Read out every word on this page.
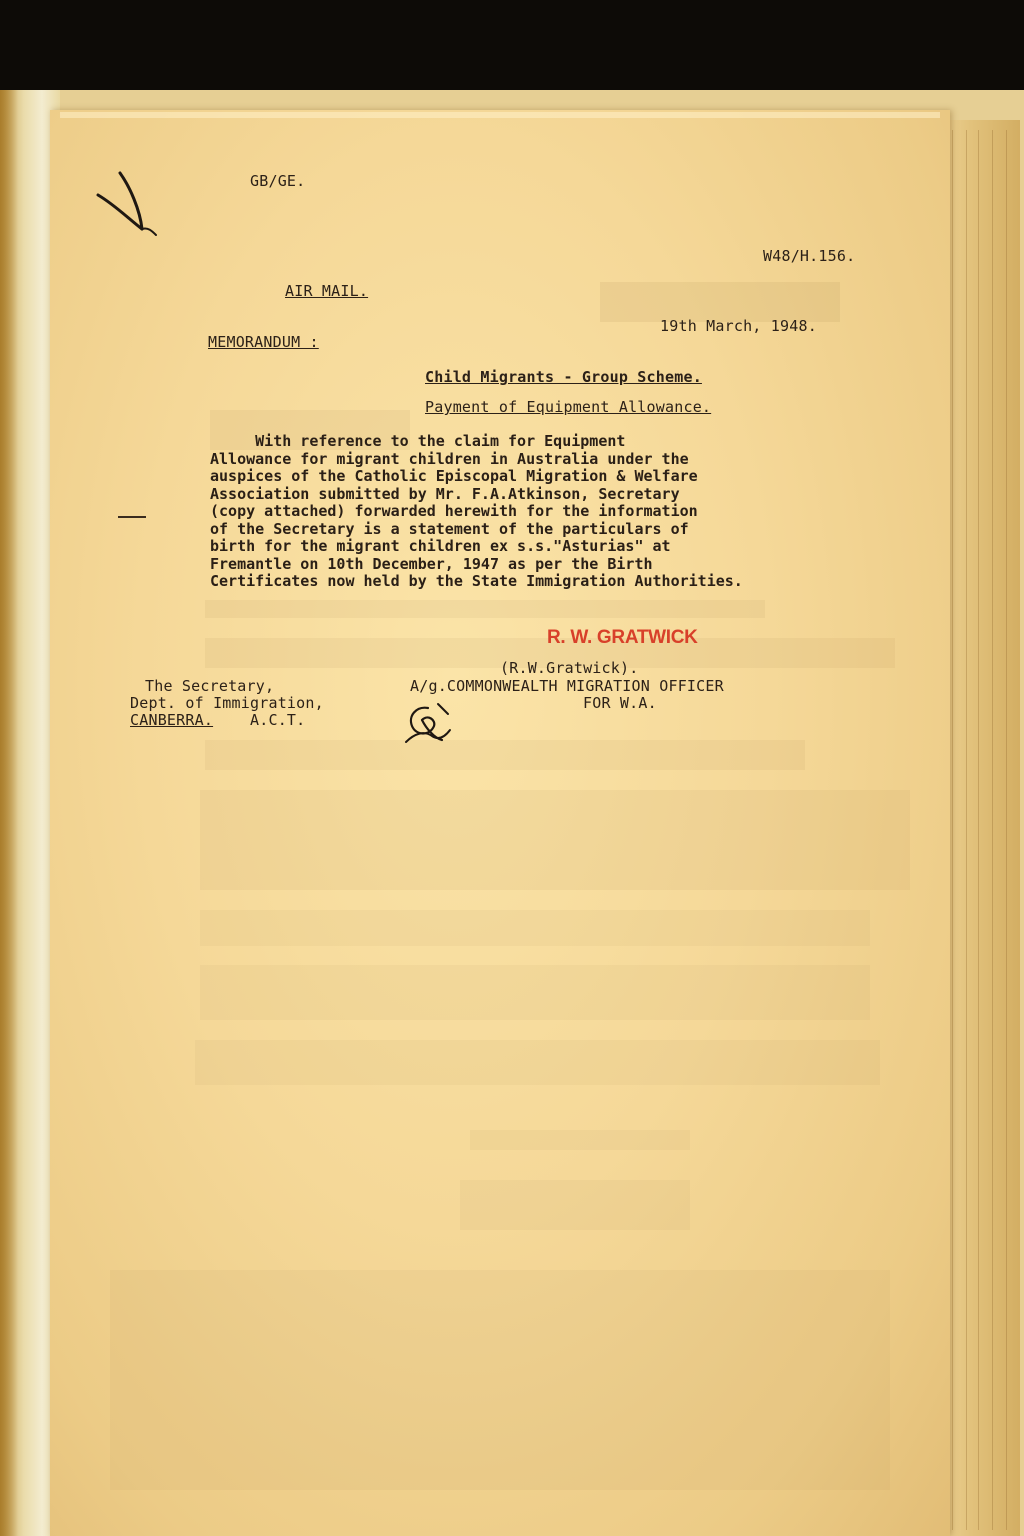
GB/GE.
W48/H.156.
AIR MAIL.
19th March, 1948.
MEMORANDUM :
Child Migrants - Group Scheme.
Payment of Equipment Allowance.
With reference to the claim for Equipment
Allowance for migrant children in Australia under the
auspices of the Catholic Episcopal Migration & Welfare
Association submitted by Mr. F.A.Atkinson, Secretary
(copy attached) forwarded herewith for the information
of the Secretary is a statement of the particulars of
birth for the migrant children ex s.s."Asturias" at
Fremantle on 10th December, 1947 as per the Birth
Certificates now held by the State Immigration Authorities.
R. W. GRATWICK
(R.W.Gratwick).
A/g.COMMONWEALTH MIGRATION OFFICER
FOR W.A.
The Secretary,
Dept. of Immigration,
CANBERRA. A.C.T.
